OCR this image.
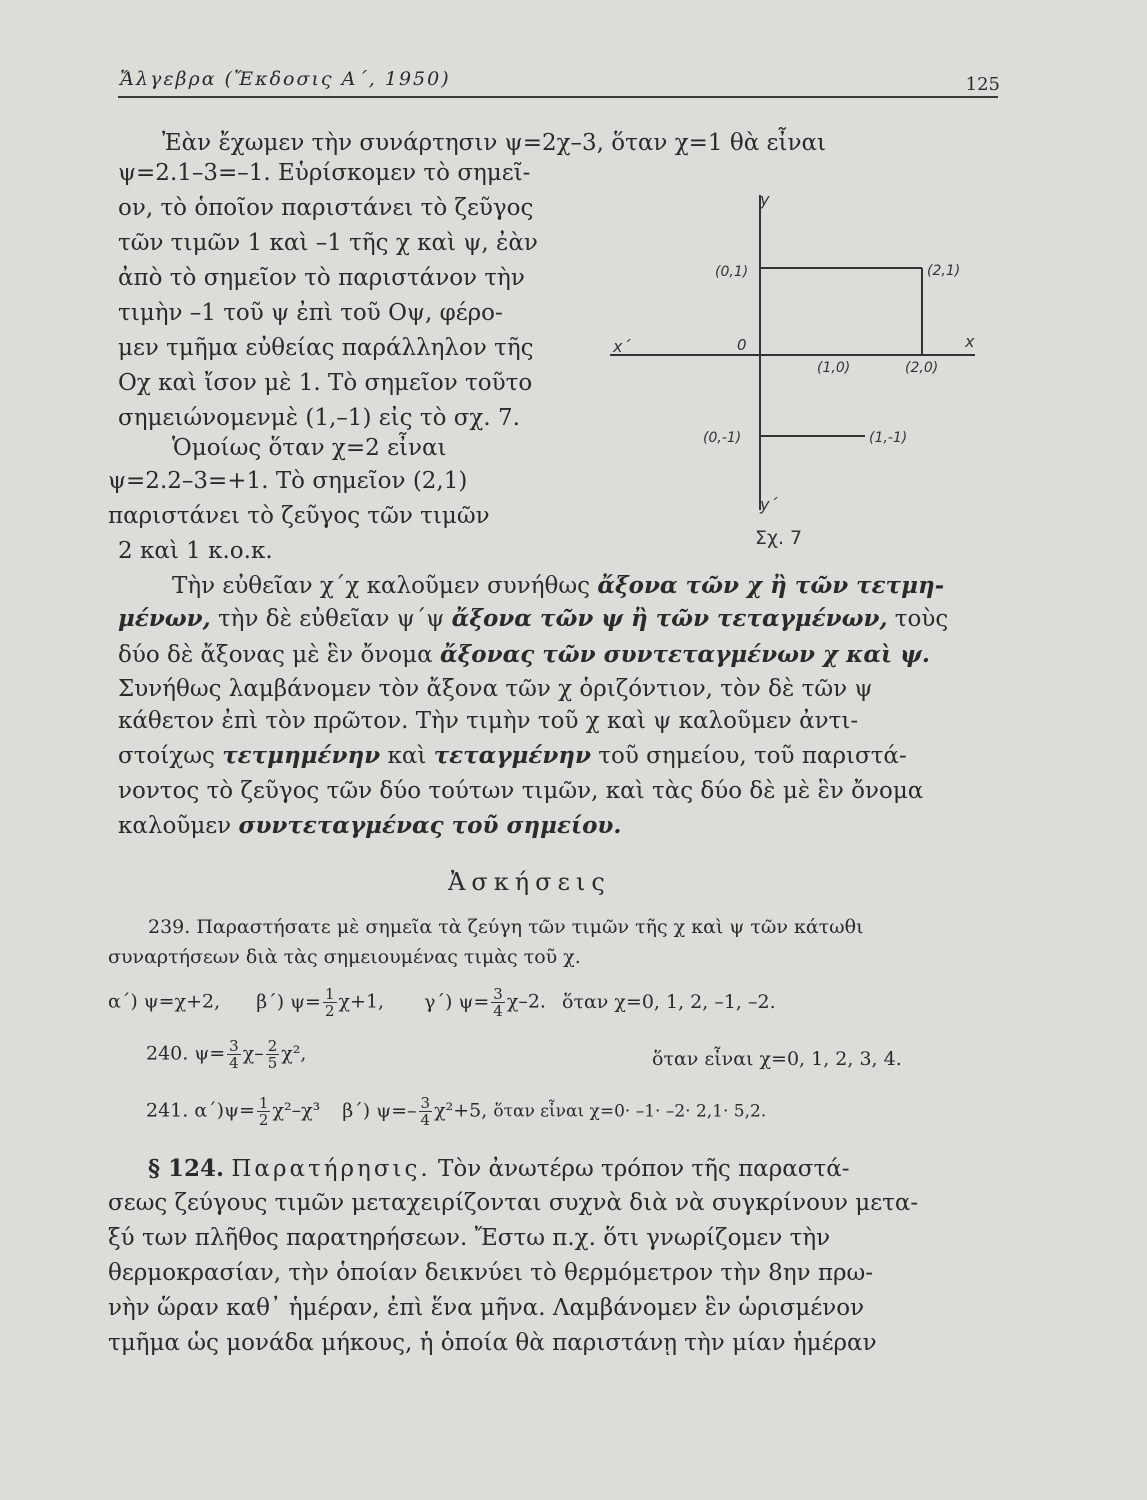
Ἄλγεβρα (Ἔκδοσις Α΄, 1950)	125
Ἐὰν ἔχωμεν τὴν συνάρτησιν ψ=2χ–3, ὅταν χ=1 θὰ εἶναι
ψ=2.1–3=–1. Εὑρίσκομεν τὸ σημεῖ-
ον, τὸ ὁποῖον παριστάνει τὸ ζεῦγος
τῶν τιμῶν 1 καὶ –1 τῆς χ καὶ ψ, ἐὰν
ἀπὸ τὸ σημεῖον τὸ παριστάνον τὴν
τιμὴν –1 τοῦ ψ ἐπὶ τοῦ Οψ, φέρο-
μεν τμῆμα εὐθείας παράλληλον τῆς
Οχ καὶ ἴσον μὲ 1. Τὸ σημεῖον τοῦτο
σημειώνομενμὲ (1,–1) εἰς τὸ σχ. 7.
Ὁμοίως ὅταν χ=2 εἶναι
ψ=2.2–3=+1. Τὸ σημεῖον (2,1)
παριστάνει τὸ ζεῦγος τῶν τιμῶν
2 καὶ 1 κ.ο.κ.
y
y΄
x
x΄	0
(0,1)	(2,1)
(1,0)	(2,0)
(0,-1)	(1,-1)
Σχ. 7
Τὴν εὐθεῖαν χ΄χ καλοῦμεν συνήθως ἄξονα τῶν χ ἢ τῶν τετμη-
μένων, τὴν δὲ εὐθεῖαν ψ΄ψ ἄξονα τῶν ψ ἢ τῶν τεταγμένων, τοὺς
δύο δὲ ἄξονας μὲ ἓν ὄνομα ἄξονας τῶν συντεταγμένων χ καὶ ψ.
Συνήθως λαμβάνομεν τὸν ἄξονα τῶν χ ὁριζόντιον, τὸν δὲ τῶν ψ
κάθετον ἐπὶ τὸν πρῶτον. Τὴν τιμὴν τοῦ χ καὶ ψ καλοῦμεν ἀντι-
στοίχως τετμημένην καὶ τεταγμένην τοῦ σημείου, τοῦ παριστά-
νοντος τὸ ζεῦγος τῶν δύο τούτων τιμῶν, καὶ τὰς δύο δὲ μὲ ἓν ὄνομα
καλοῦμεν συντεταγμένας τοῦ σημείου.
Ἀσκήσεις
239. Παραστήσατε μὲ σημεῖα τὰ ζεύγη τῶν τιμῶν τῆς χ καὶ ψ τῶν κάτωθι
συναρτήσεων διὰ τὰς σημειουμένας τιμὰς τοῦ χ.
α΄) ψ=χ+2, β΄) $\psi= \frac{1}{2} \chi+1$, γ΄) $\psi= \frac{3}{4} \chi-2$. ὅταν χ=0, 1, 2, –1, –2.
240. $\psi= \frac{3}{4} \chi- \frac{2}{5} \chi^2$,	ὅταν εἶναι χ=0, 1, 2, 3, 4.
241. $\alpha΄)\psi= \frac{1}{2} \chi^2-\chi^3$ β΄) $\psi=- \frac{3}{4} \chi^2+5$, ὅταν εἶναι χ=0· –1· –2· 2,1· 5,2.
§ 124. Παρατήρησις. Τὸν ἀνωτέρω τρόπον τῆς παραστά-
σεως ζεύγους τιμῶν μεταχειρίζονται συχνὰ διὰ νὰ συγκρίνουν μετα-
ξύ των πλῆθος παρατηρήσεων. Ἔστω π.χ. ὅτι γνωρίζομεν τὴν
θερμοκρασίαν, τὴν ὁποίαν δεικνύει τὸ θερμόμετρον τὴν 8ην πρω-
νὴν ὥραν καθ᾽ ἡμέραν, ἐπὶ ἕνα μῆνα. Λαμβάνομεν ἓν ὡρισμένον
τμῆμα ὡς μονάδα μήκους, ἡ ὁποία θὰ παριστάνῃ τὴν μίαν ἡμέραν
